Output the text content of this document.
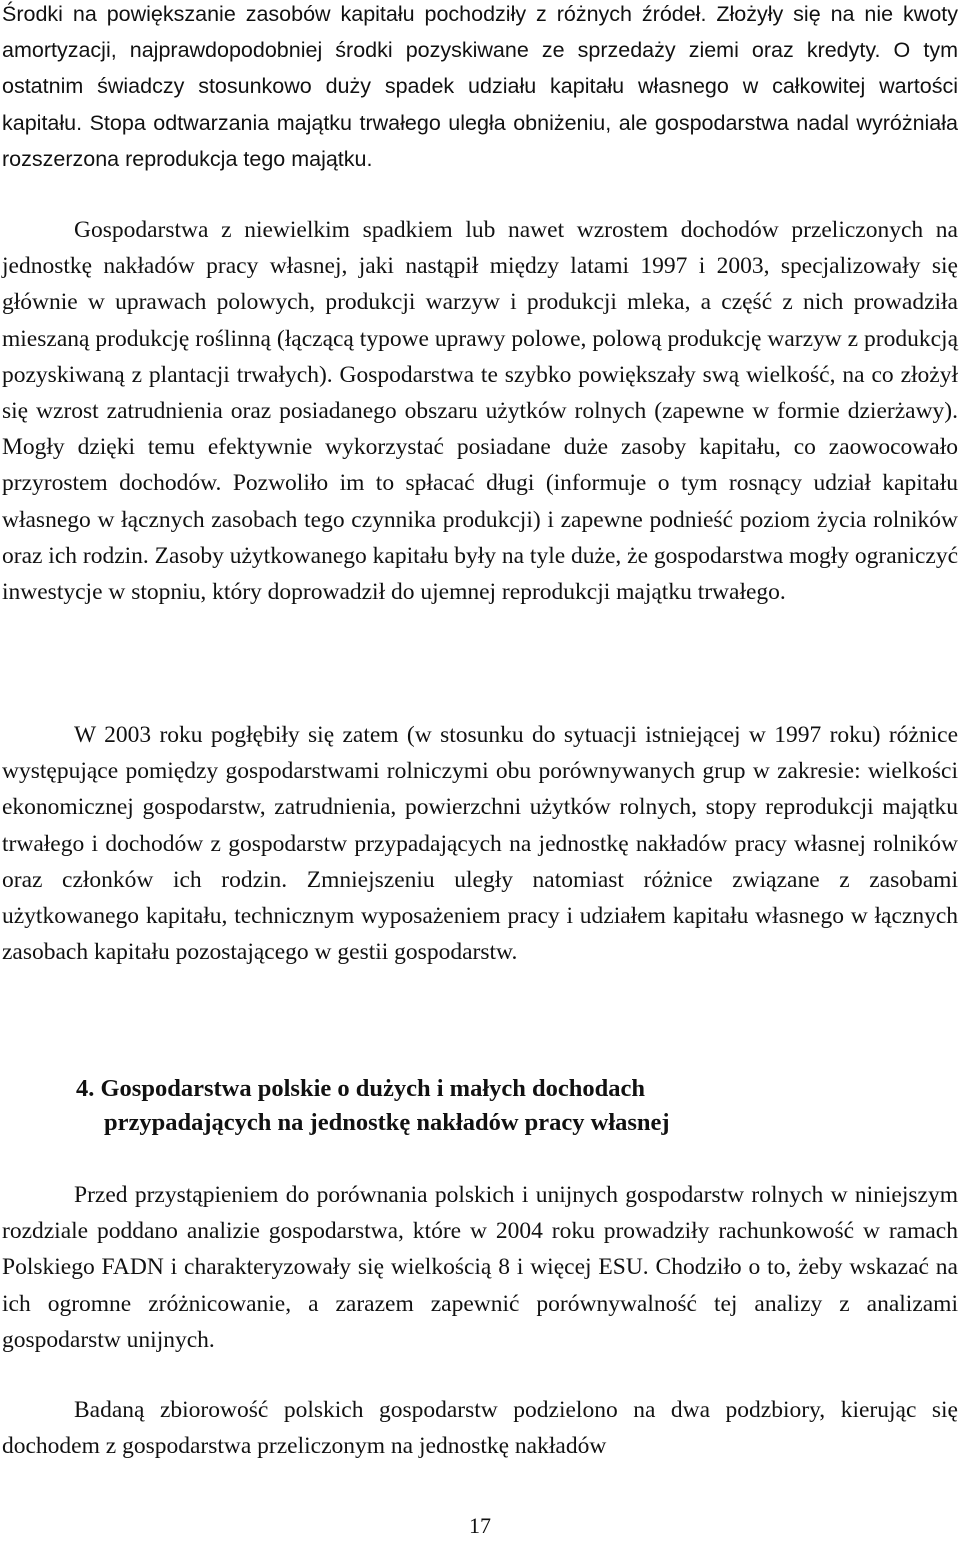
Środki na powiększanie zasobów kapitału pochodziły z różnych źródeł. Złożyły się na nie kwoty amortyzacji, najprawdopodobniej środki pozyskiwane ze sprzedaży ziemi oraz kredyty. O tym ostatnim świadczy stosunkowo duży spadek udziału kapitału własnego w całkowitej wartości kapitału. Stopa odtwarzania majątku trwałego uległa obniżeniu, ale gospodarstwa nadal wyróżniała rozszerzona reprodukcja tego majątku.

Gospodarstwa z niewielkim spadkiem lub nawet wzrostem dochodów przeliczonych na jednostkę nakładów pracy własnej, jaki nastąpił między latami 1997 i 2003, specjalizowały się głównie w uprawach polowych, produkcji warzyw i produkcji mleka, a część z nich prowadziła mieszaną produkcję roślinną (łączącą typowe uprawy polowe, polową produkcję warzyw z produkcją pozyskiwaną z plantacji trwałych). Gospodarstwa te szybko powiększały swą wielkość, na co złożył się wzrost zatrudnienia oraz posiadanego obszaru użytków rolnych (zapewne w formie dzierżawy). Mogły dzięki temu efektywnie wykorzystać posiadane duże zasoby kapitału, co zaowocowało przyrostem dochodów. Pozwoliło im to spłacać długi (informuje o tym rosnący udział kapitału własnego w łącznych zasobach tego czynnika produkcji) i zapewne podnieść poziom życia rolników oraz ich rodzin. Zasoby użytkowanego kapitału były na tyle duże, że gospodarstwa mogły ograniczyć inwestycje w stopniu, który doprowadził do ujemnej reprodukcji majątku trwałego.

W 2003 roku pogłębiły się zatem (w stosunku do sytuacji istniejącej w 1997 roku) różnice występujące pomiędzy gospodarstwami rolniczymi obu porównywanych grup w zakresie: wielkości ekonomicznej gospodarstw, zatrudnienia, powierzchni użytków rolnych, stopy reprodukcji majątku trwałego i dochodów z gospodarstw przypadających na jednostkę nakładów pracy własnej rolników oraz członków ich rodzin. Zmniejszeniu uległy natomiast różnice związane z zasobami użytkowanego kapitału, technicznym wyposażeniem pracy i udziałem kapitału własnego w łącznych zasobach kapitału pozostającego w gestii gospodarstw.

4. Gospodarstwa polskie o dużych i małych dochodach
przypadających na jednostkę nakładów pracy własnej

Przed przystąpieniem do porównania polskich i unijnych gospodarstw rolnych w niniejszym rozdziale poddano analizie gospodarstwa, które w 2004 roku prowadziły rachunkowość w ramach Polskiego FADN i charakteryzowały się wielkością 8 i więcej ESU. Chodziło o to, żeby wskazać na ich ogromne zróżnicowanie, a zarazem zapewnić porównywalność tej analizy z analizami gospodarstw unijnych.

Badaną zbiorowość polskich gospodarstw podzielono na dwa podzbiory, kierując się dochodem z gospodarstwa przeliczonym na jednostkę nakładów

17
